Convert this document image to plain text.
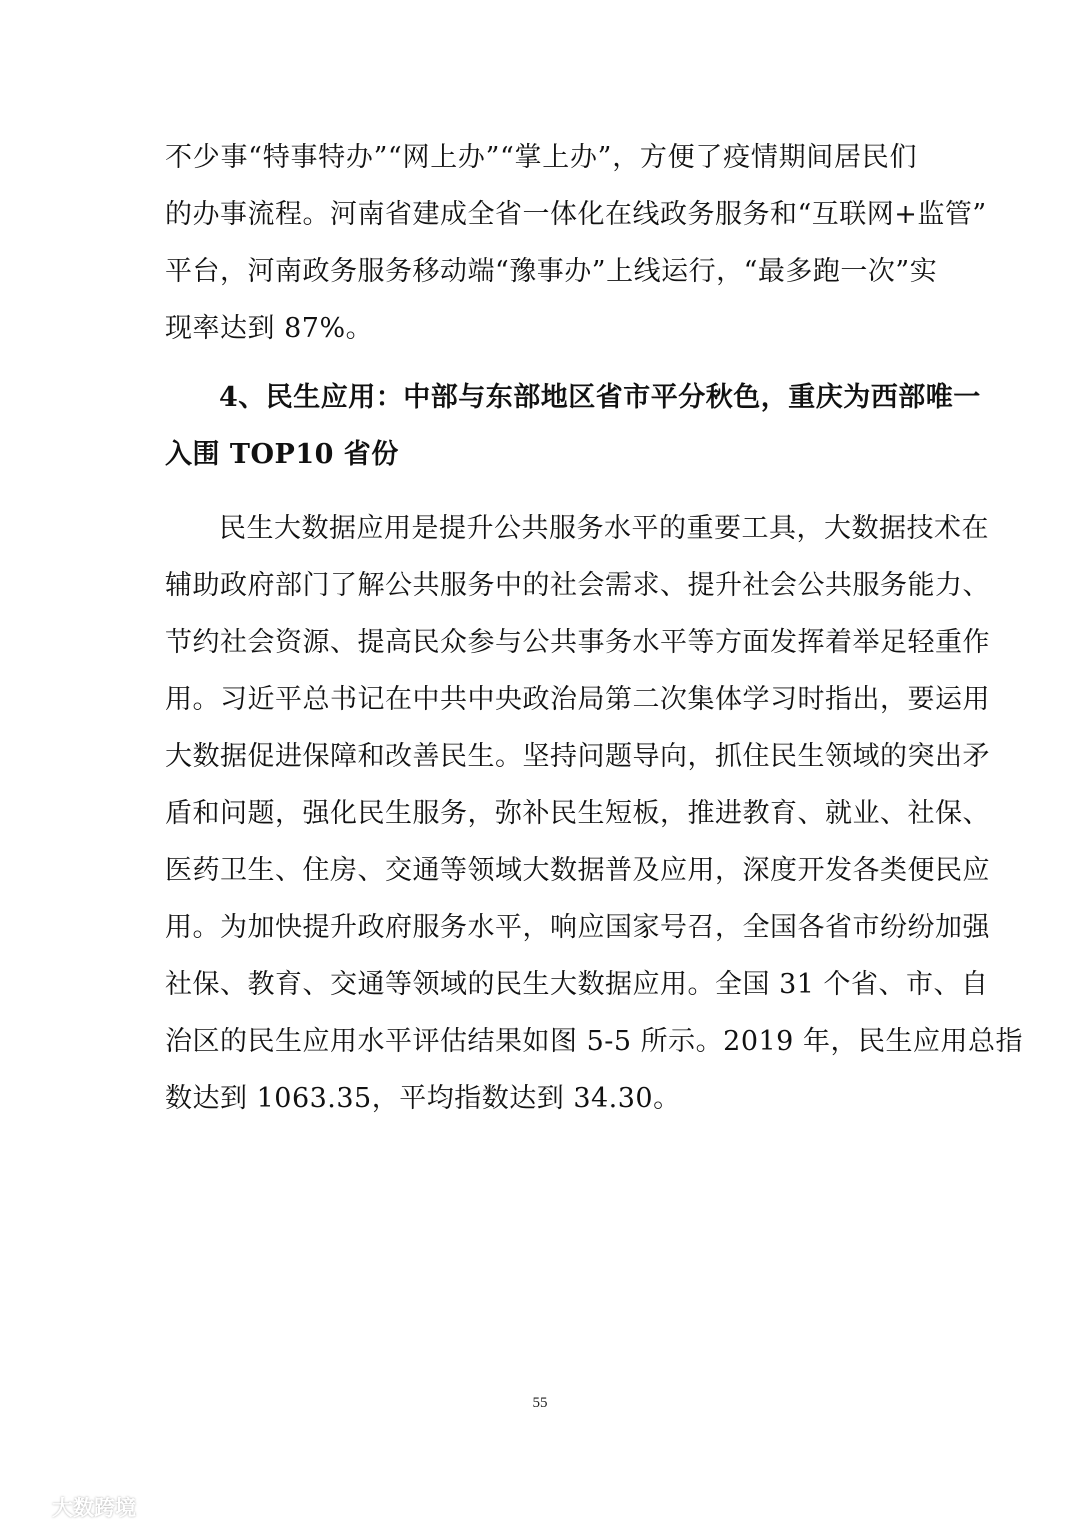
不少事“特事特办”“网上办”“掌上办”，方便了疫情期间居民们
的办事流程。河南省建成全省一体化在线政务服务和“互联网+监管”
平台，河南政务服务移动端“豫事办”上线运行，“最多跑一次”实
现率达到 87%。
4、民生应用：中部与东部地区省市平分秋色，重庆为西部唯一
入围 TOP10 省份
民生大数据应用是提升公共服务水平的重要工具，大数据技术在
辅助政府部门了解公共服务中的社会需求、提升社会公共服务能力、
节约社会资源、提高民众参与公共事务水平等方面发挥着举足轻重作
用。习近平总书记在中共中央政治局第二次集体学习时指出，要运用
大数据促进保障和改善民生。坚持问题导向，抓住民生领域的突出矛
盾和问题，强化民生服务，弥补民生短板，推进教育、就业、社保、
医药卫生、住房、交通等领域大数据普及应用，深度开发各类便民应
用。为加快提升政府服务水平，响应国家号召，全国各省市纷纷加强
社保、教育、交通等领域的民生大数据应用。全国 31 个省、市、自
治区的民生应用水平评估结果如图 5-5 所示。2019 年，民生应用总指
数达到 1063.35，平均指数达到 34.30。
55
大数跨境
